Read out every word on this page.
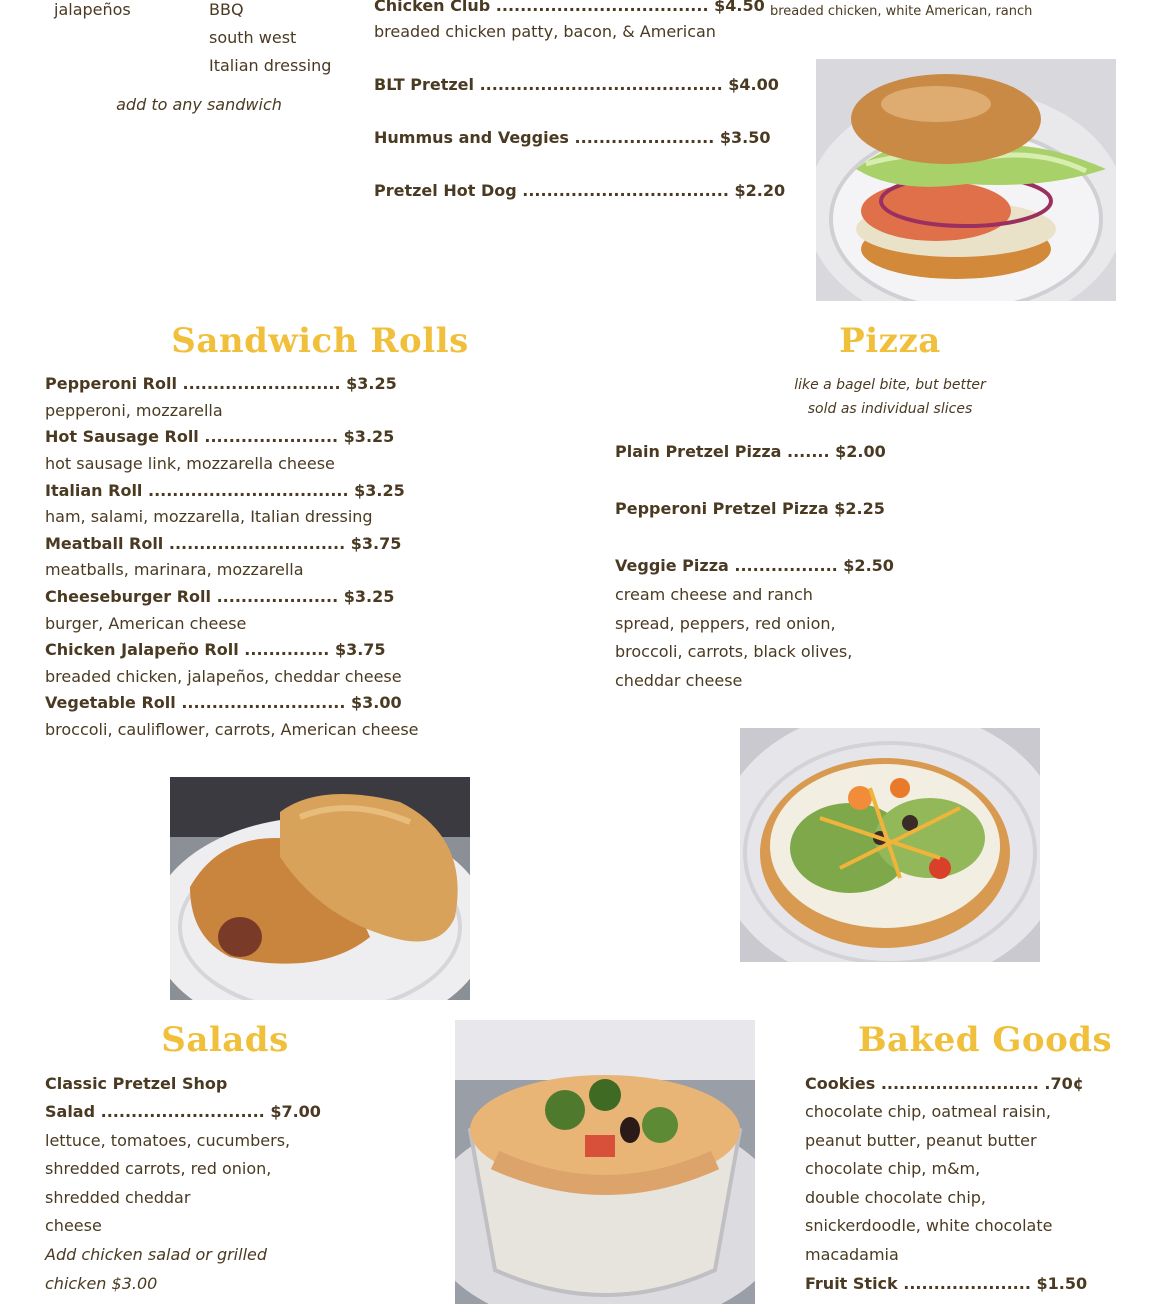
jalapeños	BBQ
south west
Italian dressing
add to any sandwich
Chicken Club ................................... $4.50
breaded chicken patty, bacon, & American
BLT Pretzel ........................................ $4.00
Hummus and Veggies ....................... $3.50
Pretzel Hot Dog .................................. $2.20
breaded chicken, white American, ranch
Sandwich Rolls
Pepperoni Roll .......................... $3.25
pepperoni, mozzarella
Hot Sausage Roll ...................... $3.25
hot sausage link, mozzarella cheese
Italian Roll ................................. $3.25
ham, salami, mozzarella, Italian dressing
Meatball Roll ............................. $3.75
meatballs, marinara, mozzarella
Cheeseburger Roll .................... $3.25
burger, American cheese
Chicken Jalapeño Roll .............. $3.75
breaded chicken, jalapeños, cheddar cheese
Vegetable Roll ........................... $3.00
broccoli, cauliflower, carrots, American cheese
Pizza
like a bagel bite, but better
sold as individual slices
Plain Pretzel Pizza ....... $2.00
Pepperoni Pretzel Pizza $2.25
Veggie Pizza ................. $2.50
cream cheese and ranch
spread, peppers, red onion,
broccoli, carrots, black olives,
cheddar cheese
Salads
Classic Pretzel Shop
Salad ........................... $7.00
lettuce, tomatoes, cucumbers,
shredded carrots, red onion,
shredded cheddar
cheese
Add chicken salad or grilled
chicken $3.00
Baked Goods
Cookies .......................... .70¢
chocolate chip, oatmeal raisin,
peanut butter, peanut butter
chocolate chip, m&m,
double chocolate chip,
snickerdoodle, white chocolate
macadamia
Fruit Stick ..................... $1.50
